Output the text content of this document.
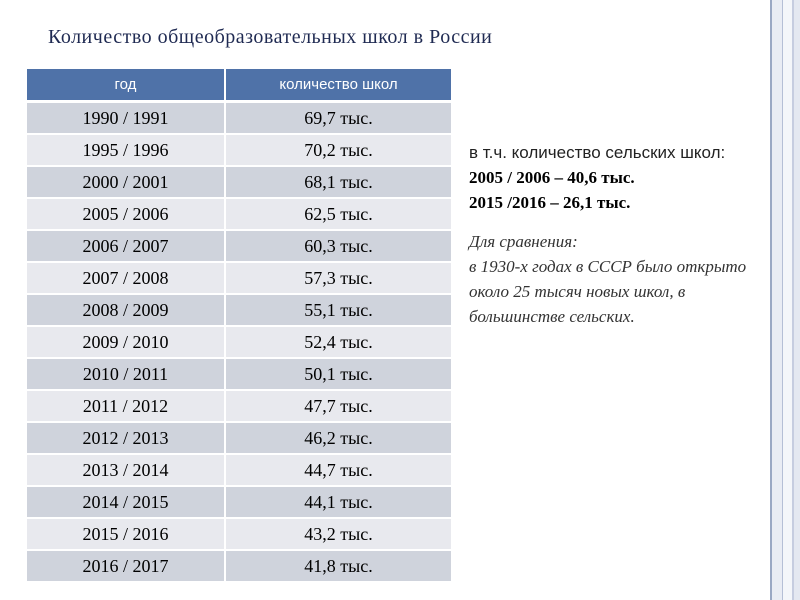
Количество общеобразовательных школ в России
год	количество школ
1990 / 1991	69,7 тыс.
1995 / 1996	70,2 тыс.
2000 / 2001	68,1 тыс.
2005 / 2006	62,5 тыс.
2006 / 2007	60,3 тыс.
2007 / 2008	57,3 тыс.
2008 / 2009	55,1 тыс.
2009 / 2010	52,4 тыс.
2010 / 2011	50,1 тыс.
2011 / 2012	47,7 тыс.
2012 / 2013	46,2 тыс.
2013 / 2014	44,7 тыс.
2014 / 2015	44,1 тыс.
2015 / 2016	43,2 тыс.
2016 / 2017	41,8 тыс.
в т.ч. количество сельских школ:
2005 / 2006 – 40,6 тыс.
2015 /2016 – 26,1 тыс.
Для сравнения:
в 1930-х годах в СССР было открыто около 25 тысяч новых школ, в большинстве сельских.
